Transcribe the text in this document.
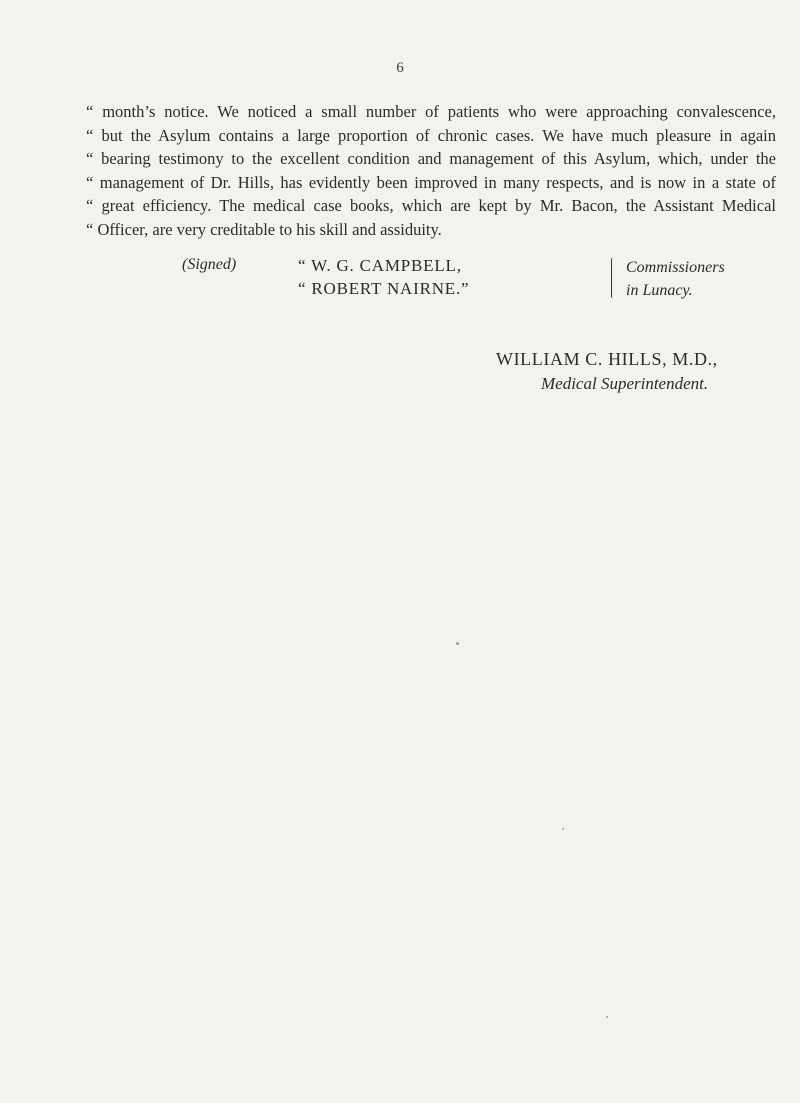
6
“ month’s notice. We noticed a small number of patients who were approaching convalescence,
“ but the Asylum contains a large proportion of chronic cases. We have much pleasure in again
“ bearing testimony to the excellent condition and management of this Asylum, which, under the
“ management of Dr. Hills, has evidently been improved in many respects, and is now in a state of
“ great efficiency. The medical case books, which are kept by Mr. Bacon, the Assistant Medical
“ Officer, are very creditable to his skill and assiduity.
(Signed)	“ W. G. CAMPBELL,
“ ROBERT NAIRNE.”
Commissioners
in Lunacy.
WILLIAM C. HILLS, M.D.,
Medical Superintendent.
